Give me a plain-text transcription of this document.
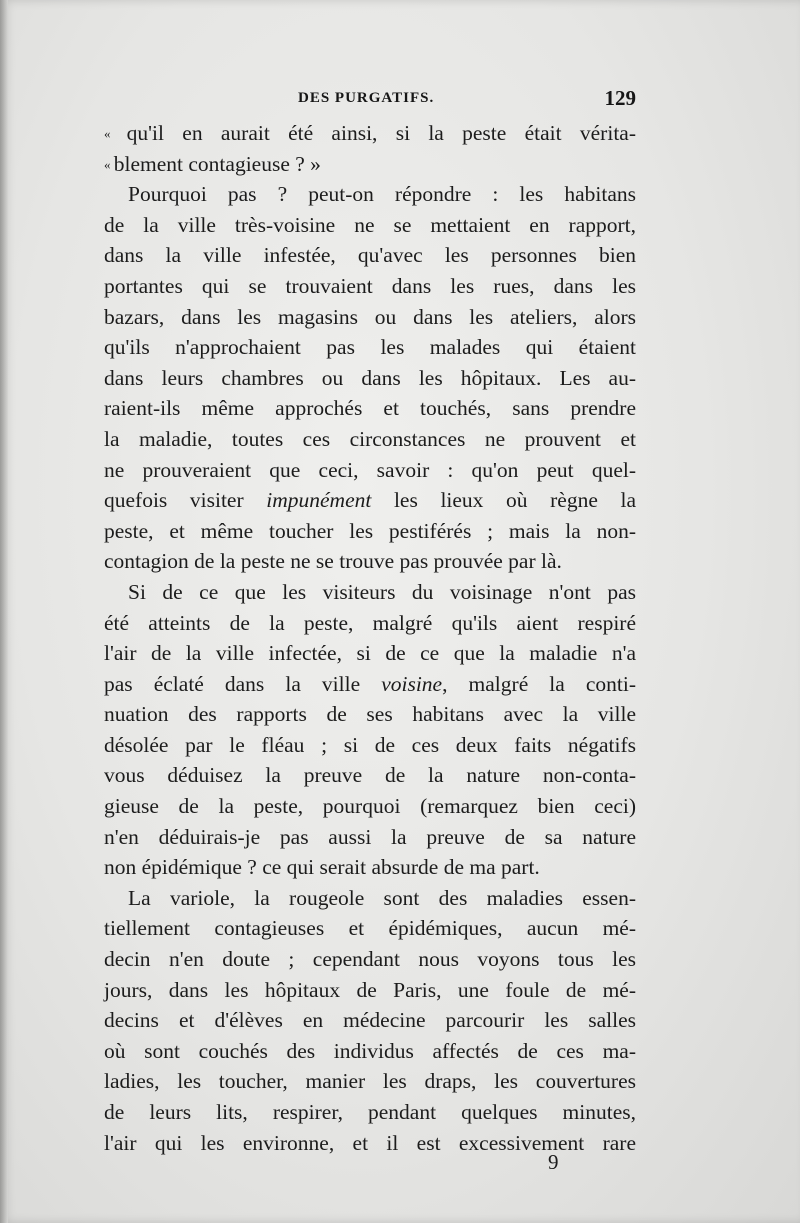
DES PURGATIFS.	129
« qu'il en aurait été ainsi, si la peste était vérita-
« blement contagieuse ? »
Pourquoi pas ? peut-on répondre : les habitans
de la ville très-voisine ne se mettaient en rapport,
dans la ville infestée, qu'avec les personnes bien
portantes qui se trouvaient dans les rues, dans les
bazars, dans les magasins ou dans les ateliers, alors
qu'ils n'approchaient pas les malades qui étaient
dans leurs chambres ou dans les hôpitaux. Les au-
raient-ils même approchés et touchés, sans prendre
la maladie, toutes ces circonstances ne prouvent et
ne prouveraient que ceci, savoir : qu'on peut quel-
quefois visiter impunément les lieux où règne la
peste, et même toucher les pestiférés ; mais la non-
contagion de la peste ne se trouve pas prouvée par là.
Si de ce que les visiteurs du voisinage n'ont pas
été atteints de la peste, malgré qu'ils aient respiré
l'air de la ville infectée, si de ce que la maladie n'a
pas éclaté dans la ville voisine, malgré la conti-
nuation des rapports de ses habitans avec la ville
désolée par le fléau ; si de ces deux faits négatifs
vous déduisez la preuve de la nature non-conta-
gieuse de la peste, pourquoi (remarquez bien ceci)
n'en déduirais-je pas aussi la preuve de sa nature
non épidémique ? ce qui serait absurde de ma part.
La variole, la rougeole sont des maladies essen-
tiellement contagieuses et épidémiques, aucun mé-
decin n'en doute ; cependant nous voyons tous les
jours, dans les hôpitaux de Paris, une foule de mé-
decins et d'élèves en médecine parcourir les salles
où sont couchés des individus affectés de ces ma-
ladies, les toucher, manier les draps, les couvertures
de leurs lits, respirer, pendant quelques minutes,
l'air qui les environne, et il est excessivement rare
9
